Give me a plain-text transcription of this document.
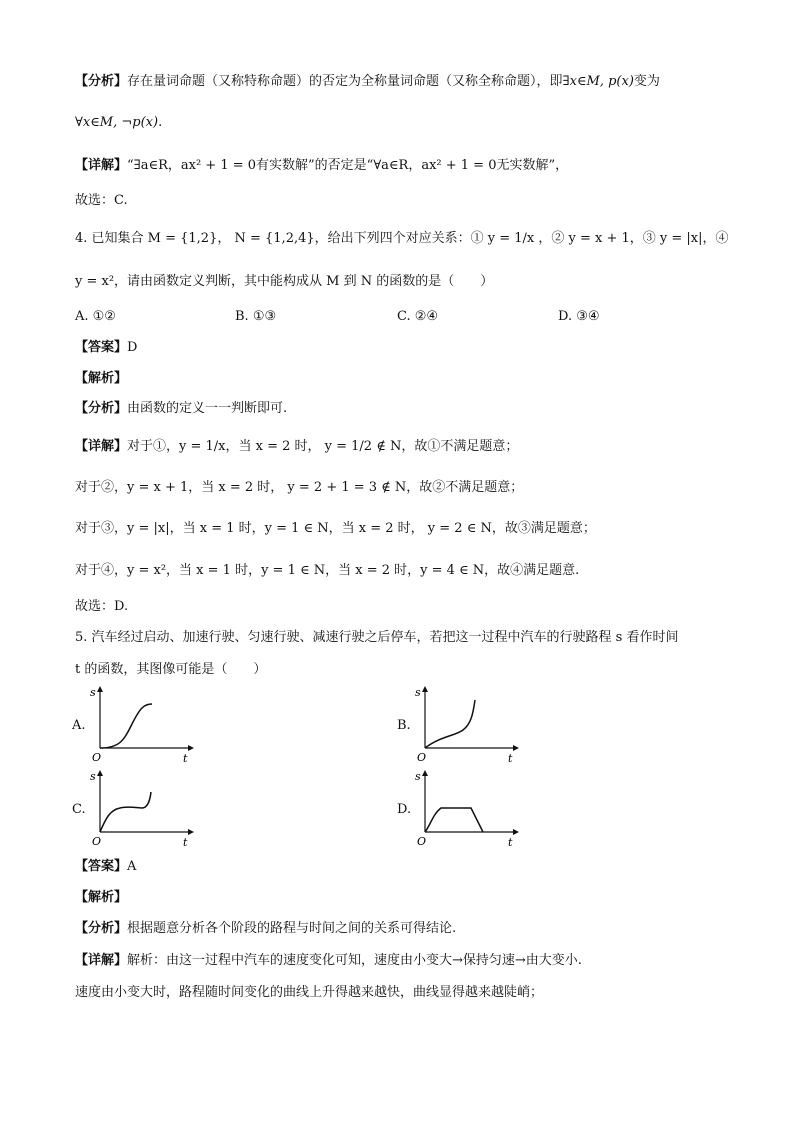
【分析】存在量词命题（又称特称命题）的否定为全称量词命题（又称全称命题），即∃x∈M, p(x)变为
∀x∈M, ¬p(x).
【详解】“∃a∈R，ax² + 1 = 0有实数解”的否定是“∀a∈R，ax² + 1 = 0无实数解”，
故选：C.
4. 已知集合 M = {1,2}， N = {1,2,4}，给出下列四个对应关系：① y = 1/x ，② y = x + 1，③ y = |x|，④
y = x²，请由函数定义判断，其中能构成从 M 到 N 的函数的是（　　）
A. ①②	B. ①③	C. ②④	D. ③④
【答案】D
【解析】
【分析】由函数的定义一一判断即可.
【详解】对于①，y = 1/x，当 x = 2 时， y = 1/2 ∉ N，故①不满足题意；
对于②，y = x + 1，当 x = 2 时， y = 2 + 1 = 3 ∉ N，故②不满足题意；
对于③，y = |x|，当 x = 1 时，y = 1 ∈ N，当 x = 2 时， y = 2 ∈ N，故③满足题意；
对于④，y = x²，当 x = 1 时，y = 1 ∈ N，当 x = 2 时，y = 4 ∈ N，故④满足题意.
故选：D.
5. 汽车经过启动、加速行驶、匀速行驶、减速行驶之后停车，若把这一过程中汽车的行驶路程 s 看作时间
t 的函数，其图像可能是（　　）
A.
s
t
O
B.
s
t
O
C.
s
t
O
D.
s
t
O
【答案】A
【解析】
【分析】根据题意分析各个阶段的路程与时间之间的关系可得结论.
【详解】解析：由这一过程中汽车的速度变化可知，速度由小变大→保持匀速→由大变小.
速度由小变大时，路程随时间变化的曲线上升得越来越快，曲线显得越来越陡峭；
